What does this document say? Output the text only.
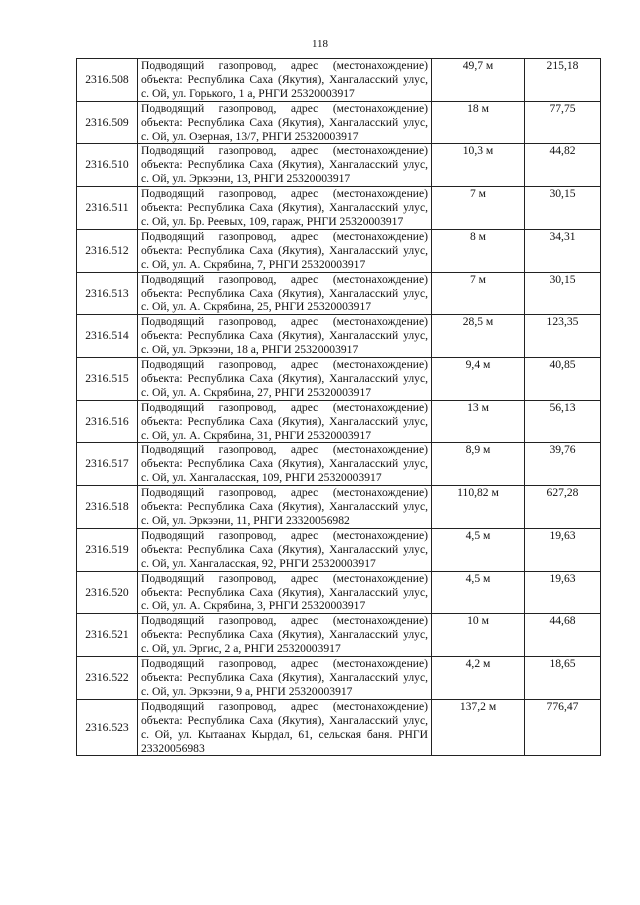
118
2316.508	Подводящий газопровод, адрес (местонахождение) объекта: Республика Саха (Якутия), Хангаласский улус, с. Ой, ул. Горького, 1 а, РНГИ 25320003917	49,7 м	215,18
2316.509	Подводящий газопровод, адрес (местонахождение) объекта: Республика Саха (Якутия), Хангаласский улус, с. Ой, ул. Озерная, 13/7, РНГИ 25320003917	18 м	77,75
2316.510	Подводящий газопровод, адрес (местонахождение) объекта: Республика Саха (Якутия), Хангаласский улус, с. Ой, ул. Эркээни, 13, РНГИ 25320003917	10,3 м	44,82
2316.511	Подводящий газопровод, адрес (местонахождение) объекта: Республика Саха (Якутия), Хангаласский улус, с. Ой, ул. Бр. Реевых, 109, гараж, РНГИ 25320003917	7 м	30,15
2316.512	Подводящий газопровод, адрес (местонахождение) объекта: Республика Саха (Якутия), Хангаласский улус, с. Ой, ул. А. Скрябина, 7, РНГИ 25320003917	8 м	34,31
2316.513	Подводящий газопровод, адрес (местонахождение) объекта: Республика Саха (Якутия), Хангаласский улус, с. Ой, ул. А. Скрябина, 25, РНГИ 25320003917	7 м	30,15
2316.514	Подводящий газопровод, адрес (местонахождение) объекта: Республика Саха (Якутия), Хангаласский улус, с. Ой, ул. Эркээни, 18 а, РНГИ 25320003917	28,5 м	123,35
2316.515	Подводящий газопровод, адрес (местонахождение) объекта: Республика Саха (Якутия), Хангаласский улус, с. Ой, ул. А. Скрябина, 27, РНГИ 25320003917	9,4 м	40,85
2316.516	Подводящий газопровод, адрес (местонахождение) объекта: Республика Саха (Якутия), Хангаласский улус, с. Ой, ул. А. Скрябина, 31, РНГИ 25320003917	13 м	56,13
2316.517	Подводящий газопровод, адрес (местонахождение) объекта: Республика Саха (Якутия), Хангаласский улус, с. Ой, ул. Хангаласская, 109, РНГИ 25320003917	8,9 м	39,76
2316.518	Подводящий газопровод, адрес (местонахождение) объекта: Республика Саха (Якутия), Хангаласский улус, с. Ой, ул. Эркээни, 11, РНГИ 23320056982	110,82 м	627,28
2316.519	Подводящий газопровод, адрес (местонахождение) объекта: Республика Саха (Якутия), Хангаласский улус, с. Ой, ул. Хангаласская, 92, РНГИ 25320003917	4,5 м	19,63
2316.520	Подводящий газопровод, адрес (местонахождение) объекта: Республика Саха (Якутия), Хангаласский улус, с. Ой, ул. А. Скрябина, 3, РНГИ 25320003917	4,5 м	19,63
2316.521	Подводящий газопровод, адрес (местонахождение) объекта: Республика Саха (Якутия), Хангаласский улус, с. Ой, ул. Эргис, 2 а, РНГИ 25320003917	10 м	44,68
2316.522	Подводящий газопровод, адрес (местонахождение) объекта: Республика Саха (Якутия), Хангаласский улус, с. Ой, ул. Эркээни, 9 а, РНГИ 25320003917	4,2 м	18,65
2316.523	Подводящий газопровод, адрес (местонахождение) объекта: Республика Саха (Якутия), Хангаласский улус, с. Ой, ул. Кытаанах Кырдал, 61, сельская баня. РНГИ 23320056983	137,2 м	776,47
